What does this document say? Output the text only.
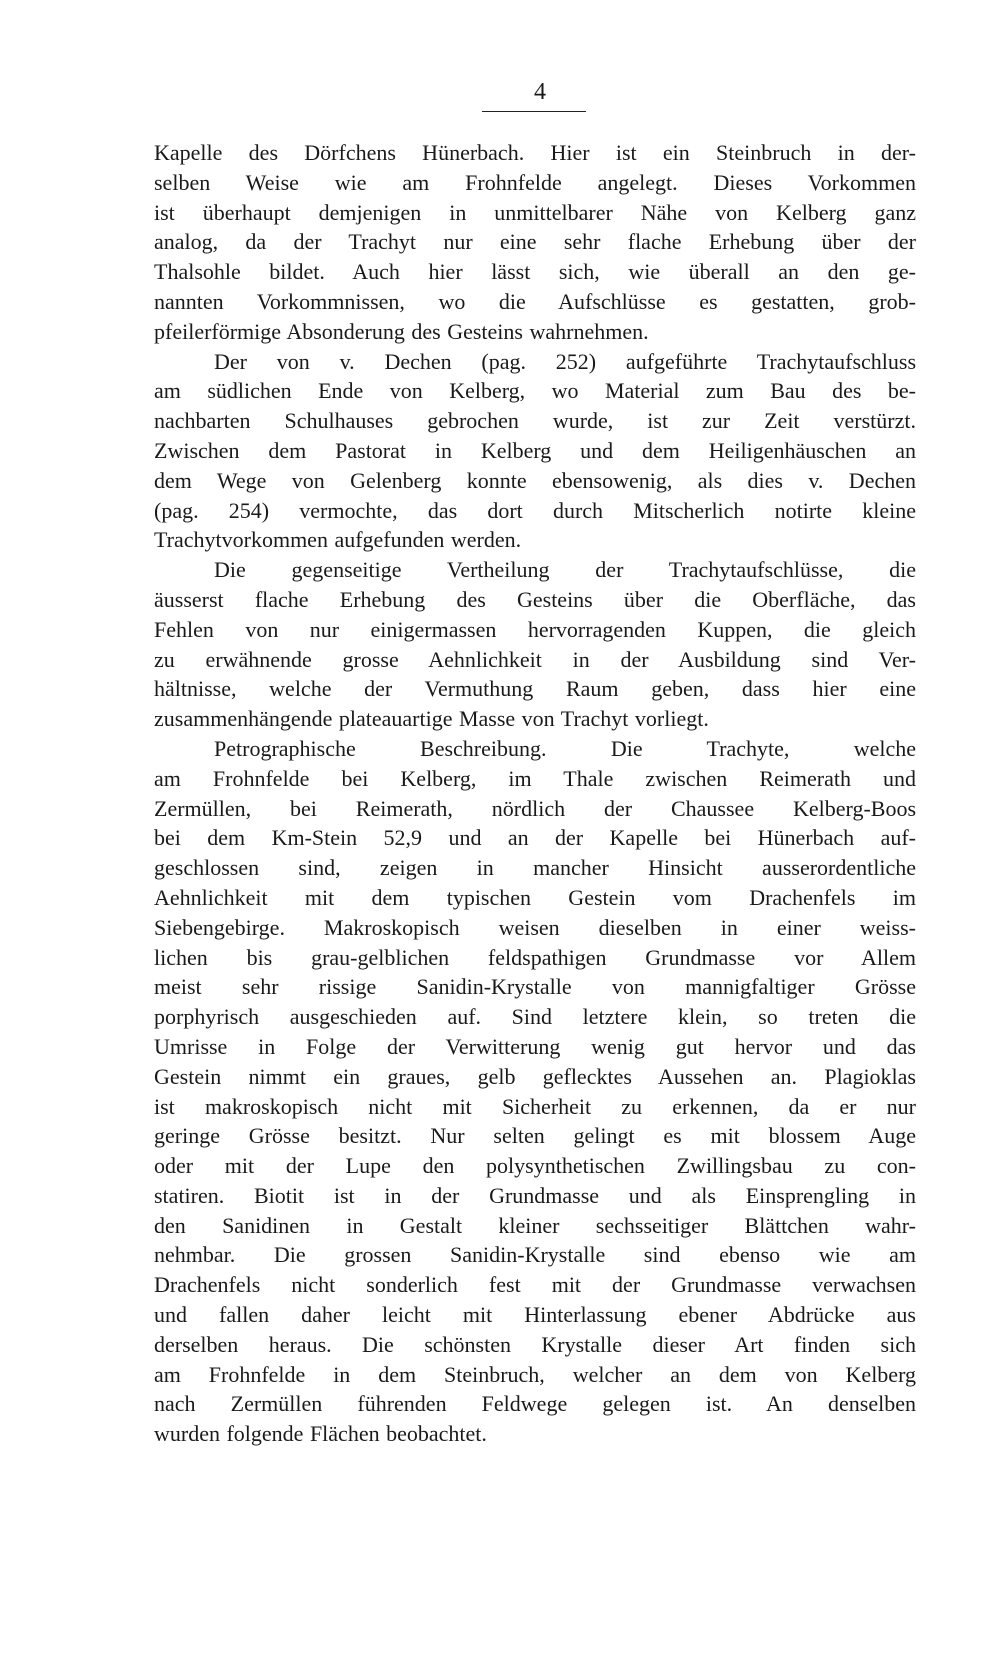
4
Kapelle des Dörfchens Hünerbach. Hier ist ein Steinbruch in der-
selben Weise wie am Frohnfelde angelegt. Dieses Vorkommen
ist überhaupt demjenigen in unmittelbarer Nähe von Kelberg ganz
analog, da der Trachyt nur eine sehr flache Erhebung über der
Thalsohle bildet. Auch hier lässt sich, wie überall an den ge-
nannten Vorkommnissen, wo die Aufschlüsse es gestatten, grob-
pfeilerförmige Absonderung des Gesteins wahrnehmen.
Der von v. Dechen (pag. 252) aufgeführte Trachytaufschluss
am südlichen Ende von Kelberg, wo Material zum Bau des be-
nachbarten Schulhauses gebrochen wurde, ist zur Zeit verstürzt.
Zwischen dem Pastorat in Kelberg und dem Heiligenhäuschen an
dem Wege von Gelenberg konnte ebensowenig, als dies v. Dechen
(pag. 254) vermochte, das dort durch Mitscherlich notirte kleine
Trachytvorkommen aufgefunden werden.
Die gegenseitige Vertheilung der Trachytaufschlüsse, die
äusserst flache Erhebung des Gesteins über die Oberfläche, das
Fehlen von nur einigermassen hervorragenden Kuppen, die gleich
zu erwähnende grosse Aehnlichkeit in der Ausbildung sind Ver-
hältnisse, welche der Vermuthung Raum geben, dass hier eine
zusammenhängende plateauartige Masse von Trachyt vorliegt.
Petrographische Beschreibung. Die Trachyte, welche
am Frohnfelde bei Kelberg, im Thale zwischen Reimerath und
Zermüllen, bei Reimerath, nördlich der Chaussee Kelberg-Boos
bei dem Km-Stein 52,9 und an der Kapelle bei Hünerbach auf-
geschlossen sind, zeigen in mancher Hinsicht ausserordentliche
Aehnlichkeit mit dem typischen Gestein vom Drachenfels im
Siebengebirge. Makroskopisch weisen dieselben in einer weiss-
lichen bis grau-gelblichen feldspathigen Grundmasse vor Allem
meist sehr rissige Sanidin-Krystalle von mannigfaltiger Grösse
porphyrisch ausgeschieden auf. Sind letztere klein, so treten die
Umrisse in Folge der Verwitterung wenig gut hervor und das
Gestein nimmt ein graues, gelb geflecktes Aussehen an. Plagioklas
ist makroskopisch nicht mit Sicherheit zu erkennen, da er nur
geringe Grösse besitzt. Nur selten gelingt es mit blossem Auge
oder mit der Lupe den polysynthetischen Zwillingsbau zu con-
statiren. Biotit ist in der Grundmasse und als Einsprengling in
den Sanidinen in Gestalt kleiner sechsseitiger Blättchen wahr-
nehmbar. Die grossen Sanidin-Krystalle sind ebenso wie am
Drachenfels nicht sonderlich fest mit der Grundmasse verwachsen
und fallen daher leicht mit Hinterlassung ebener Abdrücke aus
derselben heraus. Die schönsten Krystalle dieser Art finden sich
am Frohnfelde in dem Steinbruch, welcher an dem von Kelberg
nach Zermüllen führenden Feldwege gelegen ist. An denselben
wurden folgende Flächen beobachtet.
